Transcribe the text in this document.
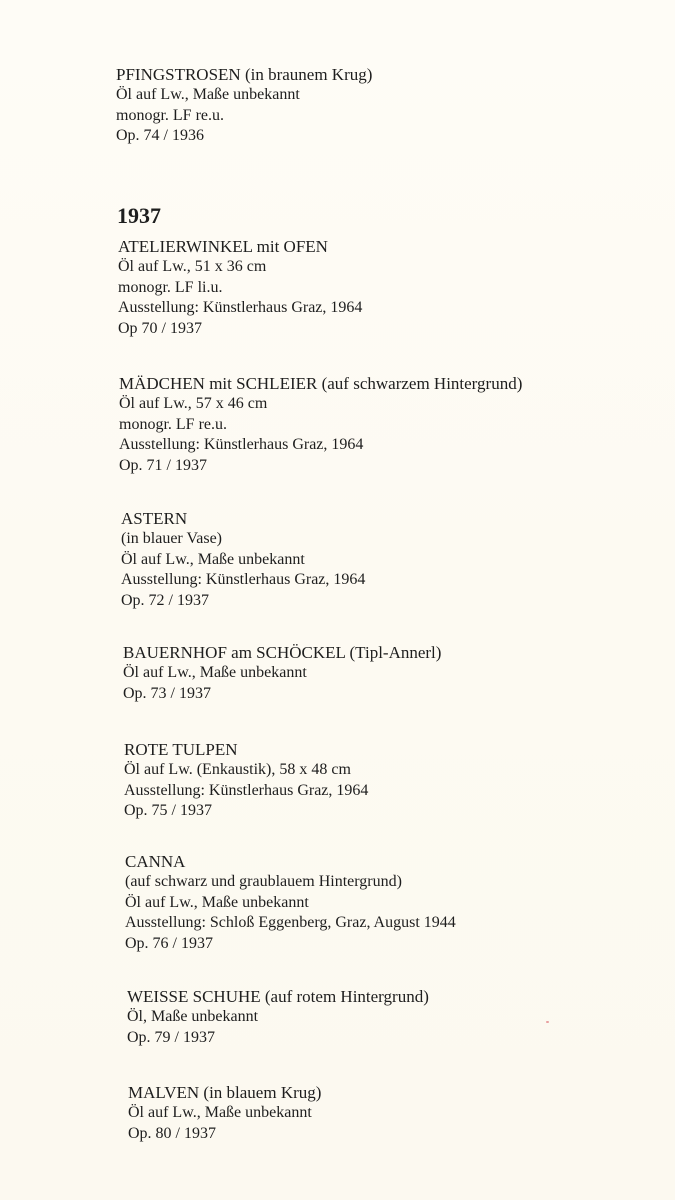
PFINGSTROSEN (in braunem Krug)
Öl auf Lw., Maße unbekannt
monogr. LF re.u.
Op. 74 / 1936
1937
ATELIERWINKEL mit OFEN
Öl auf Lw., 51 x 36 cm
monogr. LF li.u.
Ausstellung: Künstlerhaus Graz, 1964
Op 70 / 1937
MÄDCHEN mit SCHLEIER (auf schwarzem Hintergrund)
Öl auf Lw., 57 x 46 cm
monogr. LF re.u.
Ausstellung: Künstlerhaus Graz, 1964
Op. 71 / 1937
ASTERN
(in blauer Vase)
Öl auf Lw., Maße unbekannt
Ausstellung: Künstlerhaus Graz, 1964
Op. 72 / 1937
BAUERNHOF am SCHÖCKEL (Tipl-Annerl)
Öl auf Lw., Maße unbekannt
Op. 73 / 1937
ROTE TULPEN
Öl auf Lw. (Enkaustik), 58 x 48 cm
Ausstellung: Künstlerhaus Graz, 1964
Op. 75 / 1937
CANNA
(auf schwarz und graublauem Hintergrund)
Öl auf Lw., Maße unbekannt
Ausstellung: Schloß Eggenberg, Graz, August 1944
Op. 76 / 1937
WEISSE SCHUHE (auf rotem Hintergrund)
Öl, Maße unbekannt
Op. 79 / 1937
MALVEN (in blauem Krug)
Öl auf Lw., Maße unbekannt
Op. 80 / 1937
